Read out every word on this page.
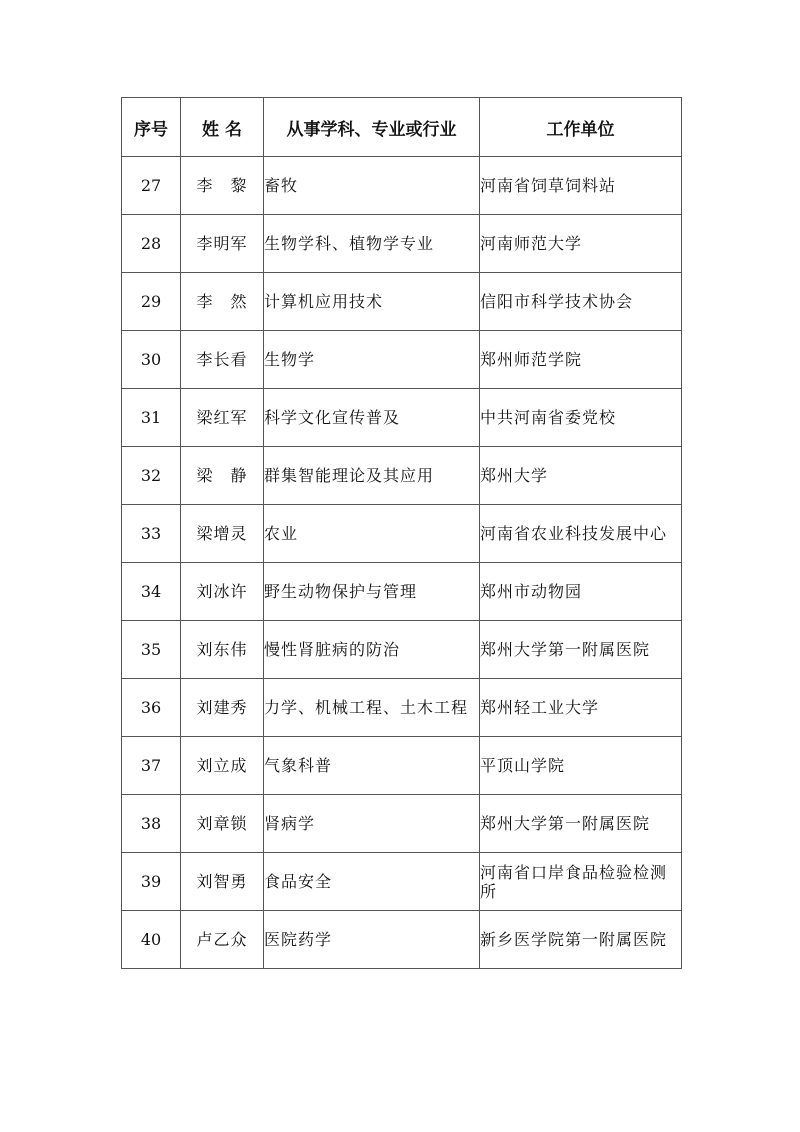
序号	姓 名	从事学科、专业或行业	工作单位
27	李　黎	畜牧	河南省饲草饲料站
28	李明军	生物学科、植物学专业	河南师范大学
29	李　然	计算机应用技术	信阳市科学技术协会
30	李长看	生物学	郑州师范学院
31	梁红军	科学文化宣传普及	中共河南省委党校
32	梁　静	群集智能理论及其应用	郑州大学
33	梁增灵	农业	河南省农业科技发展中心
34	刘冰许	野生动物保护与管理	郑州市动物园
35	刘东伟	慢性肾脏病的防治	郑州大学第一附属医院
36	刘建秀	力学、机械工程、土木工程	郑州轻工业大学
37	刘立成	气象科普	平顶山学院
38	刘章锁	肾病学	郑州大学第一附属医院
39	刘智勇	食品安全	河南省口岸食品检验检测所
40	卢乙众	医院药学	新乡医学院第一附属医院
